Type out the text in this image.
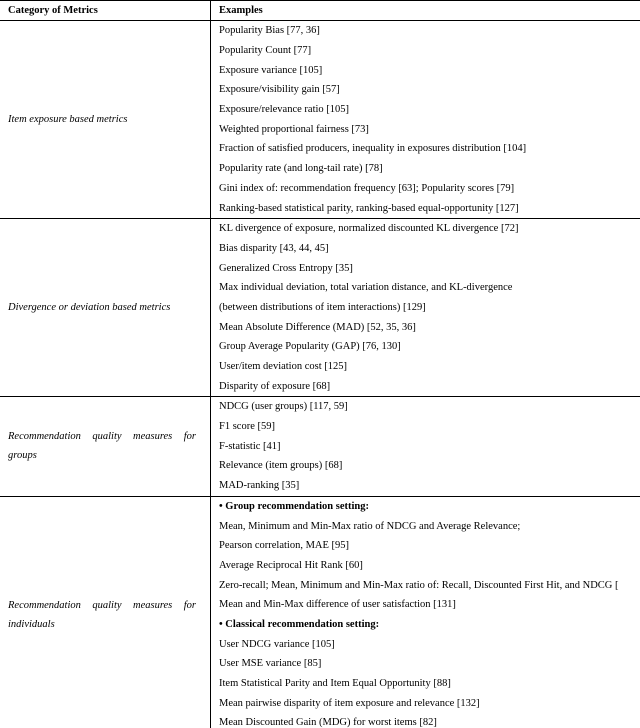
Category of Metrics	Examples
Item exposure based metrics
Popularity Bias [77, 36]
Popularity Count [77]
Exposure variance [105]
Exposure/visibility gain [57]
Exposure/relevance ratio [105]
Weighted proportional fairness [73]
Fraction of satisfied producers, inequality in exposures distribution [104]
Popularity rate (and long-tail rate) [78]
Gini index of: recommendation frequency [63]; Popularity scores [79]
Ranking-based statistical parity, ranking-based equal-opportunity [127]
Divergence or deviation based metrics
KL divergence of exposure, normalized discounted KL divergence [72]
Bias disparity [43, 44, 45]
Generalized Cross Entropy [35]
Max individual deviation, total variation distance, and KL-divergence
(between distributions of item interactions) [129]
Mean Absolute Difference (MAD) [52, 35, 36]
Group Average Popularity (GAP) [76, 130]
User/item deviation cost [125]
Disparity of exposure [68]
Recommendation quality measures for groups
NDCG (user groups) [117, 59]
F1 score [59]
F-statistic [41]
Relevance (item groups) [68]
MAD-ranking [35]
Recommendation quality measures for individuals
• Group recommendation setting:
Mean, Minimum and Min-Max ratio of NDCG and Average Relevance;
Pearson correlation, MAE [95]
Average Reciprocal Hit Rank [60]
Zero-recall; Mean, Minimum and Min-Max ratio of: Recall, Discounted First Hit, and NDCG [
Mean and Min-Max difference of user satisfaction [131]
• Classical recommendation setting:
User NDCG variance [105]
User MSE variance [85]
Item Statistical Parity and Item Equal Opportunity [88]
Mean pairwise disparity of item exposure and relevance [132]
Mean Discounted Gain (MDG) for worst items [82]
